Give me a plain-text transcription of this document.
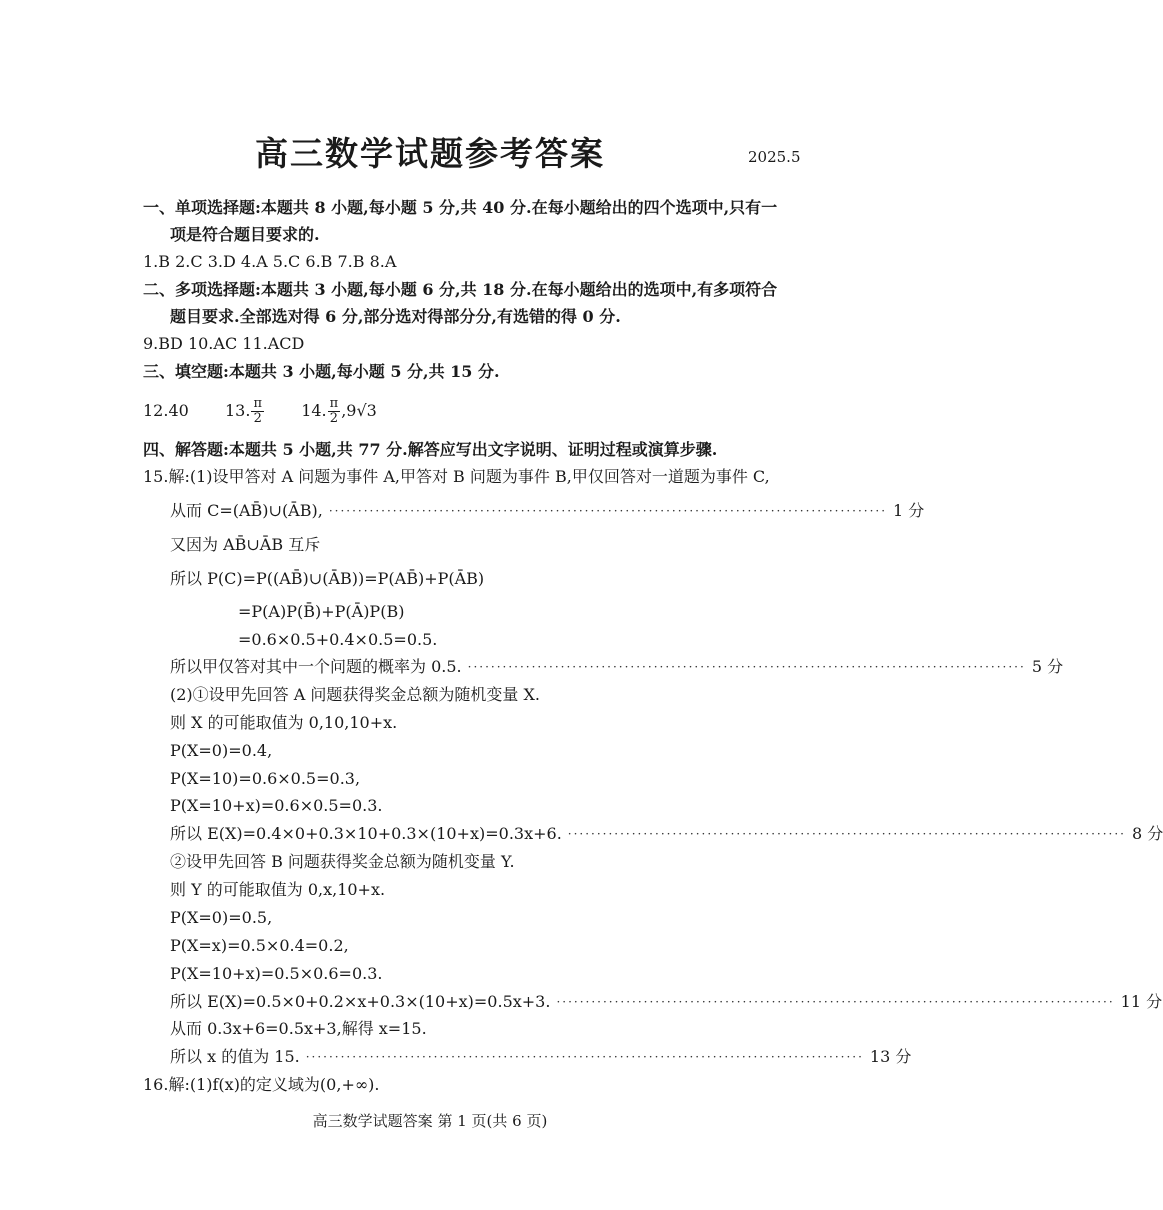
高三数学试题参考答案	2025.5
一、单项选择题:本题共 8 小题,每小题 5 分,共 40 分.在每小题给出的四个选项中,只有一
项是符合题目要求的.
1.B 2.C 3.D 4.A 5.C 6.B 7.B 8.A
二、多项选择题:本题共 3 小题,每小题 6 分,共 18 分.在每小题给出的选项中,有多项符合
题目要求.全部选对得 6 分,部分选对得部分分,有选错的得 0 分.
9.BD 10.AC 11.ACD
三、填空题:本题共 3 小题,每小题 5 分,共 15 分.
12.40 13. $\frac{\pi}{2} 14$. $\frac{\pi}{2} ,9√3$
四、解答题:本题共 5 小题,共 77 分.解答应写出文字说明、证明过程或演算步骤.
15.解:(1)设甲答对 A 问题为事件 A,甲答对 B 问题为事件 B,甲仅回答对一道题为事件 C,
从而 C=(AB̄)∪(ĀB), ································································································ 1 分
又因为 AB̄∪ĀB 互斥
所以 P(C)=P((AB̄)∪(ĀB))=P(AB̄)+P(ĀB)
=P(A)P(B̄)+P(Ā)P(B)
=0.6×0.5+0.4×0.5=0.5.
所以甲仅答对其中一个问题的概率为 0.5. ································································································ 5 分
(2)①设甲先回答 A 问题获得奖金总额为随机变量 X.
则 X 的可能取值为 0,10,10+x.
P(X=0)=0.4,
P(X=10)=0.6×0.5=0.3,
P(X=10+x)=0.6×0.5=0.3.
所以 E(X)=0.4×0+0.3×10+0.3×(10+x)=0.3x+6. ································································································ 8 分
②设甲先回答 B 问题获得奖金总额为随机变量 Y.
则 Y 的可能取值为 0,x,10+x.
P(X=0)=0.5,
P(X=x)=0.5×0.4=0.2,
P(X=10+x)=0.5×0.6=0.3.
所以 E(X)=0.5×0+0.2×x+0.3×(10+x)=0.5x+3. ································································································ 11 分
从而 0.3x+6=0.5x+3,解得 x=15.
所以 x 的值为 15. ································································································ 13 分
16.解:(1)f(x)的定义域为(0,+∞).
高三数学试题答案 第 1 页(共 6 页)
